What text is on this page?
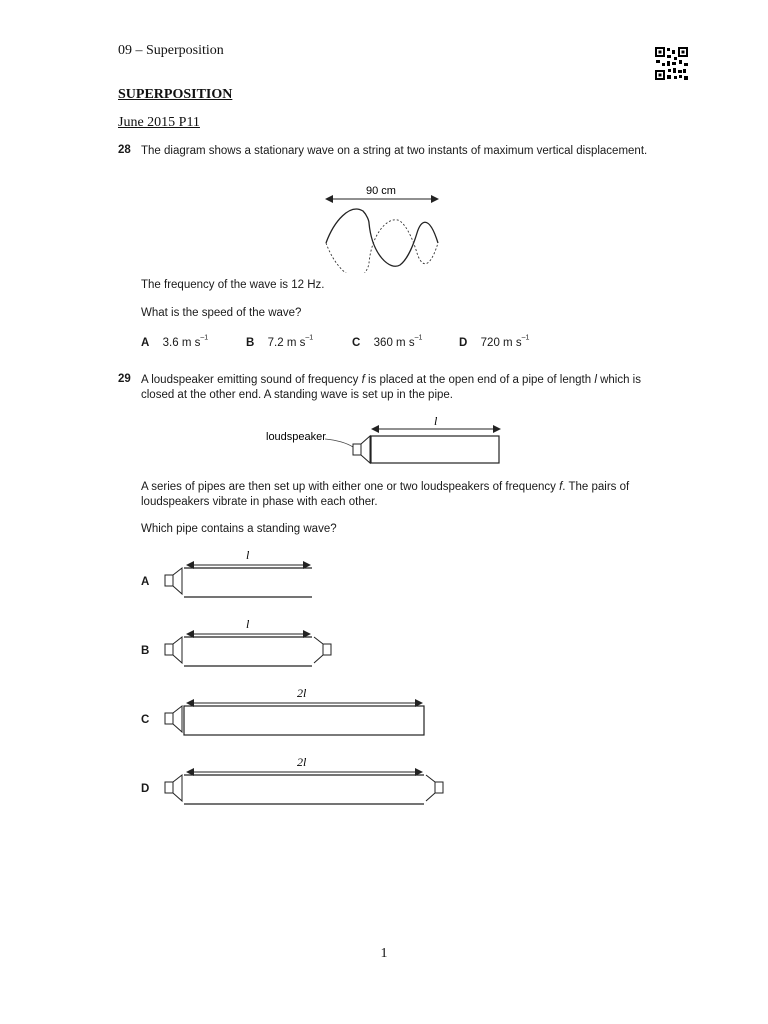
09 – Superposition
SUPERPOSITION
June 2015 P11
28 The diagram shows a stationary wave on a string at two instants of maximum vertical displacement.
90 cm
The frequency of the wave is 12 Hz.
What is the speed of the wave?
A 3.6 m $s^{-1}$	B 7.2 m $s^{-1}$	C 360 m $s^{-1}$	D 720 m $s^{-1}$
29 A loudspeaker emitting sound of frequency f is placed at the open end of a pipe of length l which is closed at the other end. A standing wave is set up in the pipe.
loudspeaker
l
A series of pipes are then set up with either one or two loudspeakers of frequency f. The pairs of loudspeakers vibrate in phase with each other.
Which pipe contains a standing wave?
A
l
B
l
C
2l
D
2l
1
